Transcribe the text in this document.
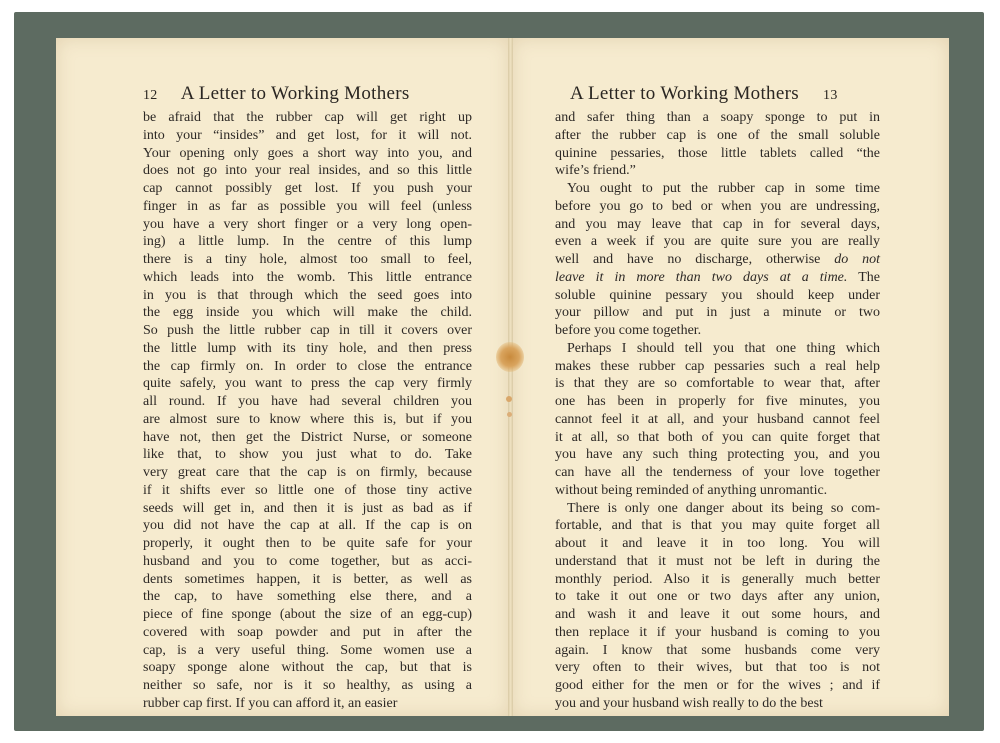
12 A Letter to Working Mothers	A Letter to Working Mothers 13
be afraid that the rubber cap will get right up
into your “insides” and get lost, for it will not.
Your opening only goes a short way into you, and
does not go into your real insides, and so this little
cap cannot possibly get lost. If you push your
finger in as far as possible you will feel (unless
you have a very short finger or a very long open-
ing) a little lump. In the centre of this lump
there is a tiny hole, almost too small to feel,
which leads into the womb. This little entrance
in you is that through which the seed goes into
the egg inside you which will make the child.
So push the little rubber cap in till it covers over
the little lump with its tiny hole, and then press
the cap firmly on. In order to close the entrance
quite safely, you want to press the cap very firmly
all round. If you have had several children you
are almost sure to know where this is, but if you
have not, then get the District Nurse, or someone
like that, to show you just what to do. Take
very great care that the cap is on firmly, because
if it shifts ever so little one of those tiny active
seeds will get in, and then it is just as bad as if
you did not have the cap at all. If the cap is on
properly, it ought then to be quite safe for your
husband and you to come together, but as acci-
dents sometimes happen, it is better, as well as
the cap, to have something else there, and a
piece of fine sponge (about the size of an egg-cup)
covered with soap powder and put in after the
cap, is a very useful thing. Some women use a
soapy sponge alone without the cap, but that is
neither so safe, nor is it so healthy, as using a
rubber cap first. If you can afford it, an easier
and safer thing than a soapy sponge to put in
after the rubber cap is one of the small soluble
quinine pessaries, those little tablets called “the
wife’s friend.”
You ought to put the rubber cap in some time
before you go to bed or when you are undressing,
and you may leave that cap in for several days,
even a week if you are quite sure you are really
well and have no discharge, otherwise do not
leave it in more than two days at a time. The
soluble quinine pessary you should keep under
your pillow and put in just a minute or two
before you come together.
Perhaps I should tell you that one thing which
makes these rubber cap pessaries such a real help
is that they are so comfortable to wear that, after
one has been in properly for five minutes, you
cannot feel it at all, and your husband cannot feel
it at all, so that both of you can quite forget that
you have any such thing protecting you, and you
can have all the tenderness of your love together
without being reminded of anything unromantic.
There is only one danger about its being so com-
fortable, and that is that you may quite forget all
about it and leave it in too long. You will
understand that it must not be left in during the
monthly period. Also it is generally much better
to take it out one or two days after any union,
and wash it and leave it out some hours, and
then replace it if your husband is coming to you
again. I know that some husbands come very
very often to their wives, but that too is not
good either for the men or for the wives ; and if
you and your husband wish really to do the best
